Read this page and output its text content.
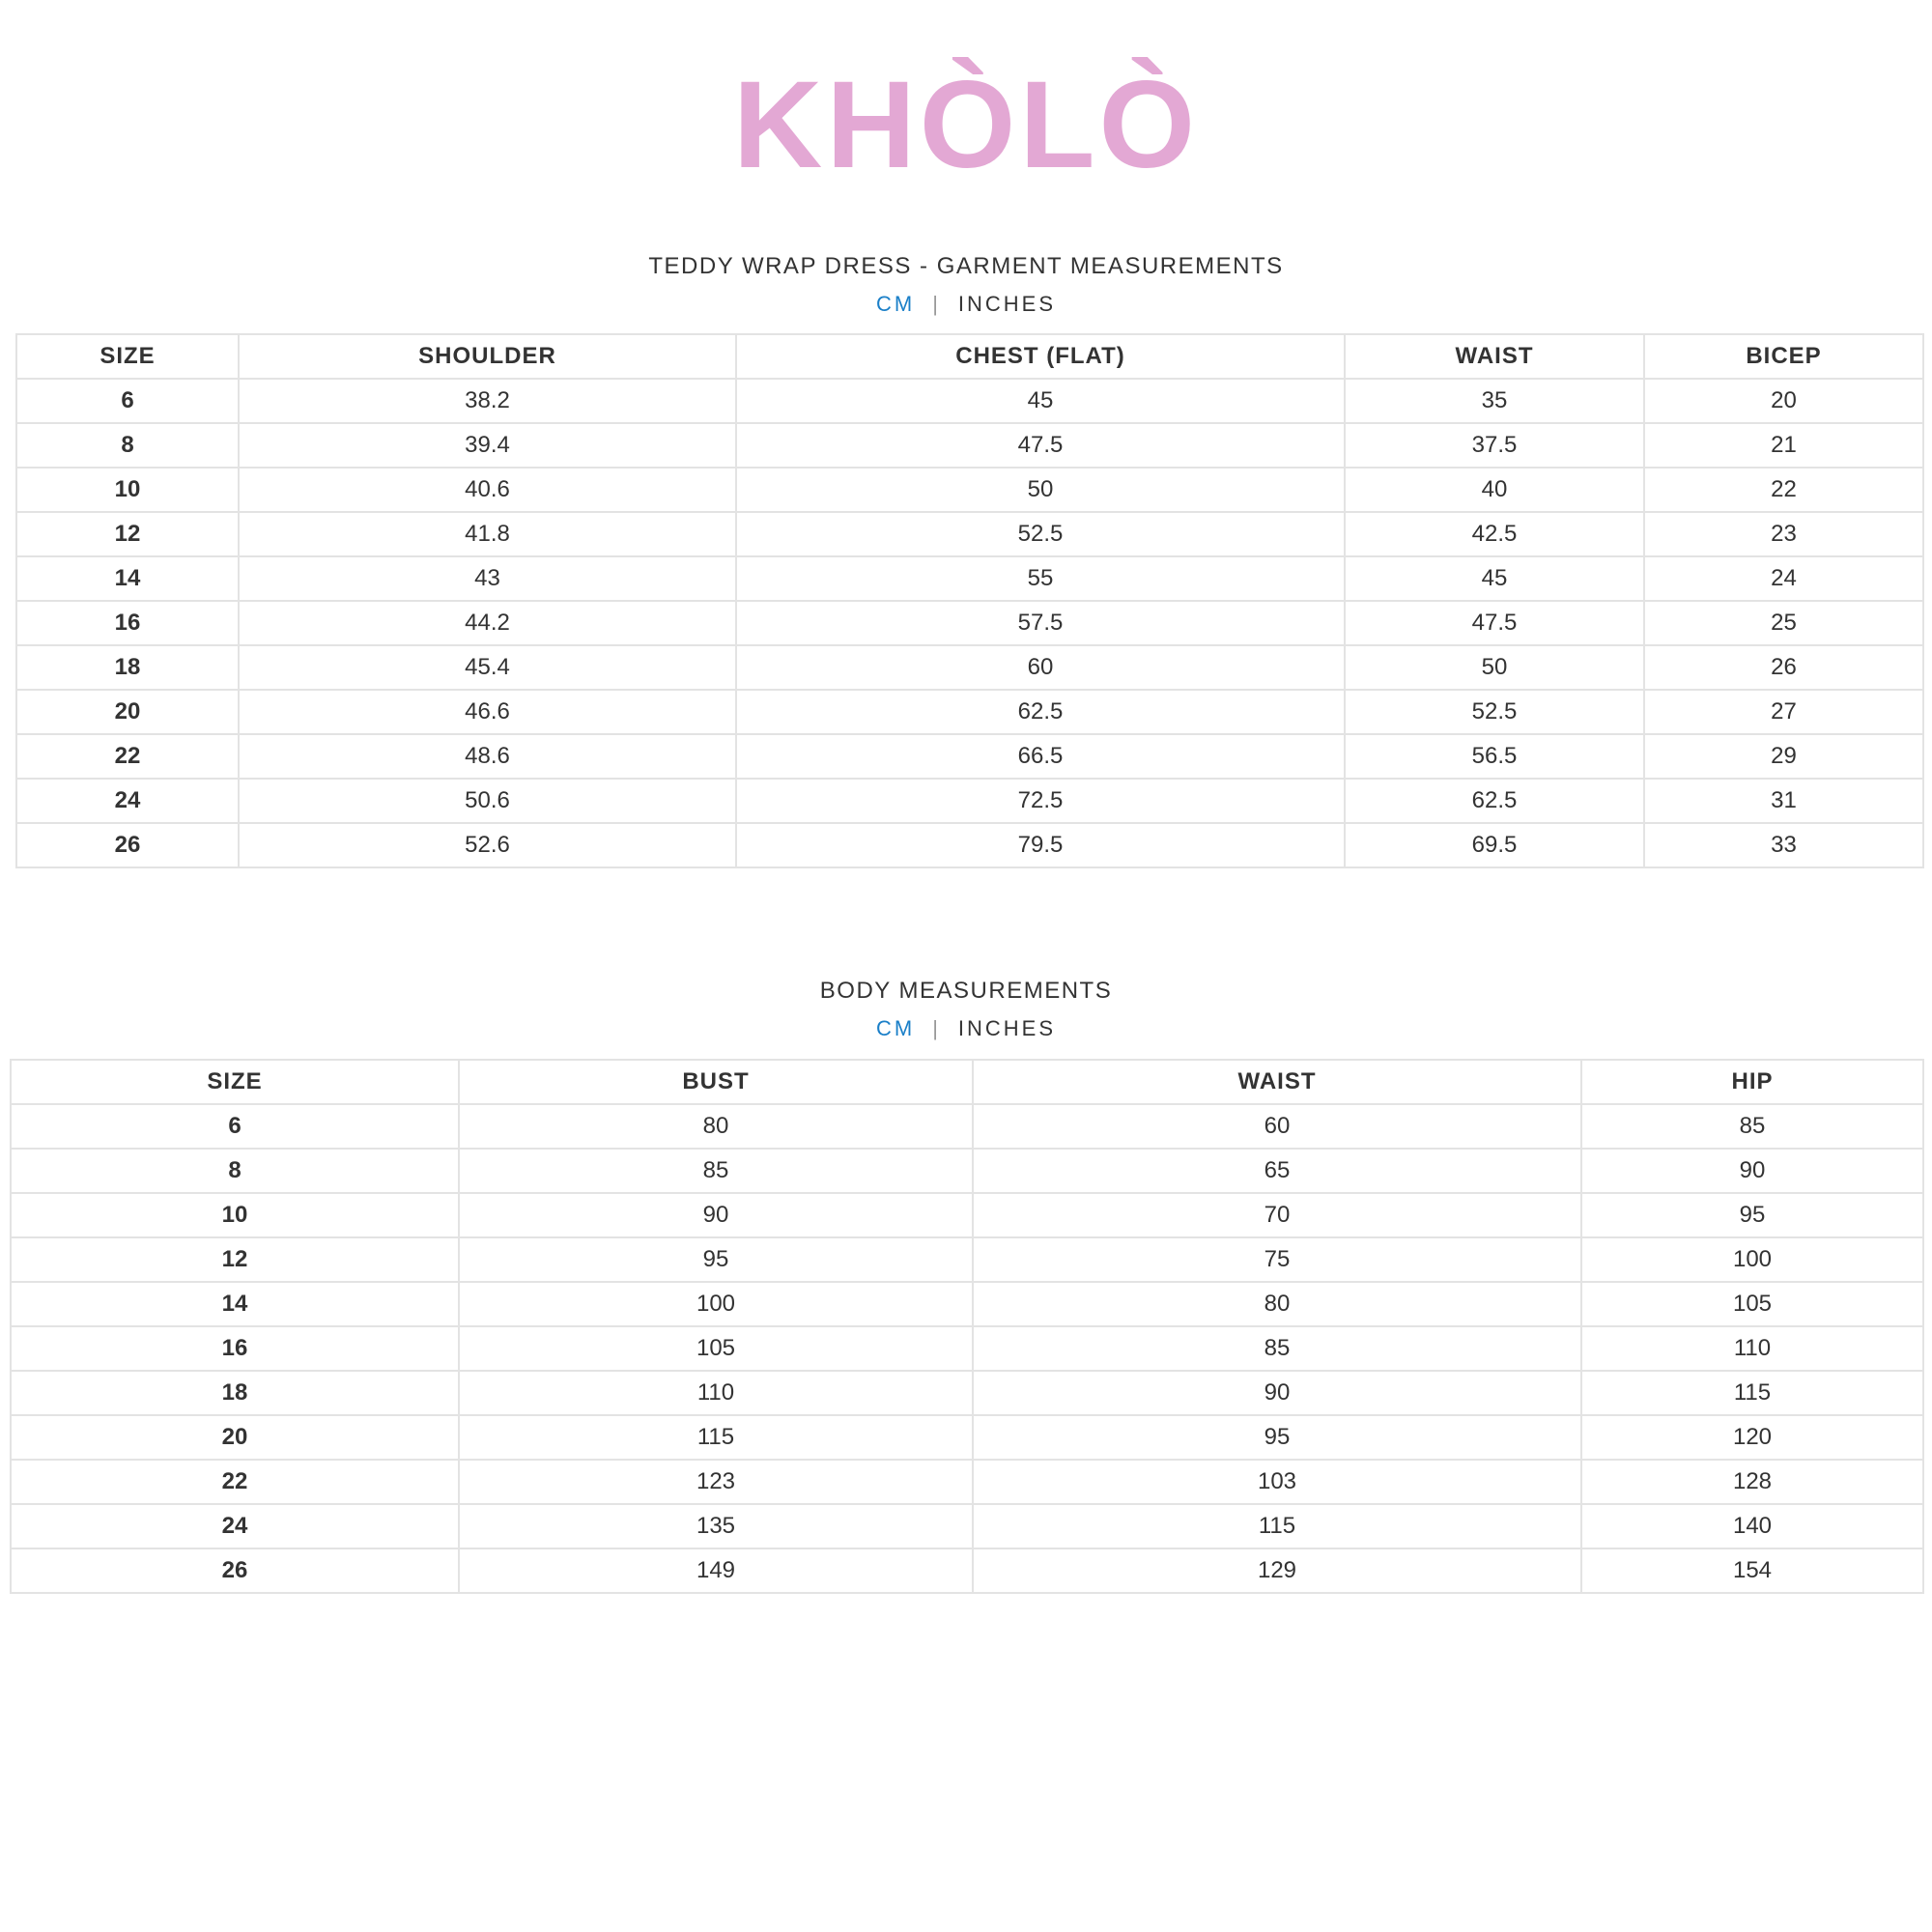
KHÒLÒ
TEDDY WRAP DRESS - GARMENT MEASUREMENTS
CM | INCHES
SIZE	SHOULDER	CHEST (FLAT)	WAIST	BICEP
6	38.2	45	35	20
8	39.4	47.5	37.5	21
10	40.6	50	40	22
12	41.8	52.5	42.5	23
14	43	55	45	24
16	44.2	57.5	47.5	25
18	45.4	60	50	26
20	46.6	62.5	52.5	27
22	48.6	66.5	56.5	29
24	50.6	72.5	62.5	31
26	52.6	79.5	69.5	33
BODY MEASUREMENTS
CM | INCHES
SIZE	BUST	WAIST	HIP
6	80	60	85
8	85	65	90
10	90	70	95
12	95	75	100
14	100	80	105
16	105	85	110
18	110	90	115
20	115	95	120
22	123	103	128
24	135	115	140
26	149	129	154
